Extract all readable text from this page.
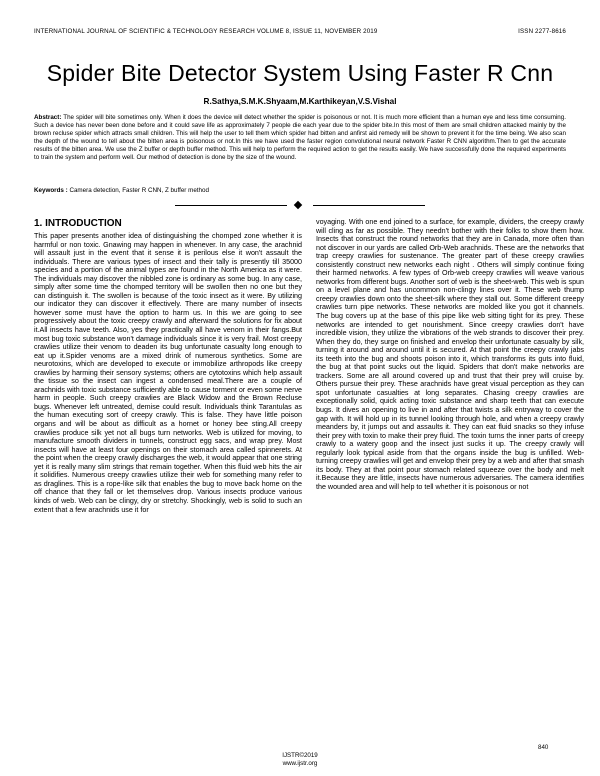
INTERNATIONAL JOURNAL OF SCIENTIFIC & TECHNOLOGY RESEARCH VOLUME 8, ISSUE 11, NOVEMBER 2019	ISSN 2277-8616
Spider Bite Detector System Using Faster R Cnn
R.Sathya,S.M.K.Shyaam,M.Karthikeyan,V.S.Vishal
Abstract: The spider will bite sometimes only. When it does the device will detect whether the spider is poisonous or not. It is much more efficient than a human eye and less time consuming. Such a device has never been done before and it could save life as approximately 7 people die each year due to the spider bite.In this most of them are small children attacked mainly by the brown recluse spider which attracts small children. This will help the user to tell them which spider had bitten and anfirst aid remedy will be shown to prevent it for the time being. We also scan the depth of the wound to tell about the bitten area is poisonous or not.In this we have used the faster region convolutional neural network Faster R CNN algorithm.Then to get the accurate results of the bitten area. We use the Z buffer or depth buffer method. This will help to perform the required action to get the results easily. We have successfully done the required experiments to train the system and perform well. Our method of detection is done by the size of the wound.
Keywords : Camera detection, Faster R CNN, Z buffer method
1. INTRODUCTION

This paper presents another idea of distinguishing the chomped zone whether it is harmful or non toxic. Gnawing may happen in whenever. In any case, the arachnid will assault just in the event that it sense it is perilous else it won't assault the individuals. There are various types of insect and their tally is presently till 35000 species and a portion of the animal types are found in the North America as it were. The individuals may discover the nibbled zone is ordinary as some bug. In any case, simply after some time the chomped territory will be swollen then no one but they can distinguish it. The swollen is because of the toxic insect as it were. By utilizing our indicator they can discover it effectively. There are many number of insects however some must have the option to harm us. In this we are going to see progressively about the toxic creepy crawly and afterward the solutions for fix about it.All insects have teeth. Also, yes they practically all have venom in their fangs.But most bug toxic substance won't damage individuals since it is very frail. Most creepy crawlies utilize their venom to deaden its bug unfortunate casualty long enough to eat up it.Spider venoms are a mixed drink of numerous synthetics. Some are neurotoxins, which are developed to execute or immobilize arthropods like creepy crawlies by harming their sensory systems; others are cytotoxins which help assault the tissue so the insect can ingest a condensed meal.There are a couple of arachnids with toxic substance sufficiently able to cause torment or even some nerve harm in people. Such creepy crawlies are Black Widow and the Brown Recluse bugs. Whenever left untreated, demise could result. Individuals think Tarantulas as the human executing sort of creepy crawly. This is false. They have little poison organs and will be about as difficult as a hornet or honey bee sting.All creepy crawlies produce silk yet not all bugs turn networks. Web is utilized for moving, to manufacture smooth dividers in tunnels, construct egg sacs, and wrap prey. Most insects will have at least four openings on their stomach area called spinnerets. At the point when the creepy crawly discharges the web, it would appear that one string yet it is really many slim strings that remain together. When this fluid web hits the air it solidifies. Numerous creepy crawlies utilize their web for something many refer to as draglines. This is a rope-like silk that enables the bug to move back home on the off chance that they fall or let themselves drop. Various insects produce various kinds of web. Web can be clingy, dry or stretchy. Shockingly, web is solid to such an extent that a few arachnids use it for

voyaging. With one end joined to a surface, for example, dividers, the creepy crawly will cling as far as possible. They needn't bother with their folks to show them how. Insects that construct the round networks that they are in Canada, more often than not discover in our yards are called Orb-Web arachnids. These are the networks that trap creepy crawlies for sustenance. The greater part of these creepy crawlies consistently construct new networks each night . Others will simply continue fixing their harmed networks. A few types of Orb-web creepy crawlies will weave various networks from different bugs. Another sort of web is the sheet-web. This web is spun on a level plane and has uncommon non-clingy lines over it. These web thump creepy crawlies down onto the sheet-silk where they stall out. Some different creepy crawlies turn pipe networks. These networks are molded like you got it channels. The bug covers up at the base of this pipe like web sitting tight for its prey. These networks are intended to get nourishment. Since creepy crawlies don't have incredible vision, they utilize the vibrations of the web strands to discover their prey. When they do, they surge on finished and envelop their unfortunate casualty by silk, turning it around and around until it is secured. At that point the creepy crawly jabs its teeth into the bug and shoots poison into it, which transforms its guts into fluid, the bug at that point sucks out the liquid. Spiders that don't make networks are trackers. Some are all around covered up and trust that their prey will cruise by. Others pursue their prey. These arachnids have great visual perception as they can spot unfortunate casualties at long separates. Chasing creepy crawlies are exceptionally solid, quick acting toxic substance and sharp teeth that can execute bugs. It dives an opening to live in and after that twists a silk entryway to cover the gap with. It will hold up in its tunnel looking through hole, and when a creepy crawly meanders by, it jumps out and assaults it. They can eat fluid snacks so they infuse their prey with toxin to make their prey fluid. The toxin turns the inner parts of creepy crawly to a watery goop and the insect just sucks it up. The creepy crawly will regularly look typical aside from that the organs inside the bug is unfilled. Web-turning creepy crawlies will get and envelop their prey by a web and after that smash its body. They at that point pour stomach related squeeze over the body and melt it.Because they are little, insects have numerous adversaries. The camera identifies the wounded area and will help to tell whether it is poisonous or not

840
IJSTR©2019
www.ijstr.org
